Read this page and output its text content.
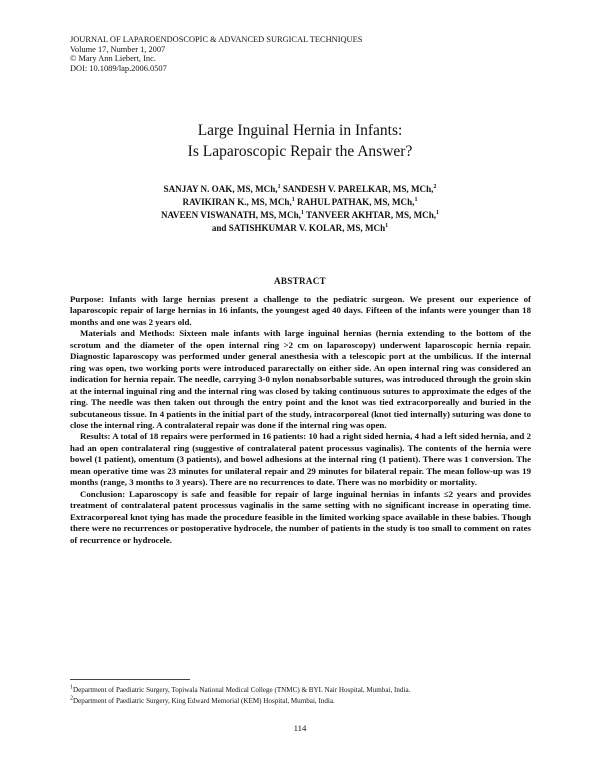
JOURNAL OF LAPAROENDOSCOPIC & ADVANCED SURGICAL TECHNIQUES
Volume 17, Number 1, 2007
© Mary Ann Liebert, Inc.
DOI: 10.1089/lap.2006.0507
Large Inguinal Hernia in Infants:
Is Laparoscopic Repair the Answer?
SANJAY N. OAK, MS, MCh,$^1$ SANDESH V. PARELKAR, MS, MCh,$^2$
RAVIKIRAN K., MS, MCh,$^1$ RAHUL PATHAK, MS, MCh,$^1$
NAVEEN VISWANATH, MS, MCh,$^1$ TANVEER AKHTAR, MS, MCh,$^1$
and SATISHKUMAR V. KOLAR, MS, MCh$^1$
ABSTRACT

Purpose: Infants with large hernias present a challenge to the pediatric surgeon. We present our experience of laparoscopic repair of large hernias in 16 infants, the youngest aged 40 days. Fifteen of the infants were younger than 18 months and one was 2 years old.

Materials and Methods: Sixteen male infants with large inguinal hernias (hernia extending to the bottom of the scrotum and the diameter of the open internal ring >2 cm on laparoscopy) underwent laparoscopic hernia repair. Diagnostic laparoscopy was performed under general anesthesia with a telescopic port at the umbilicus. If the internal ring was open, two working ports were introduced pararectally on either side. An open internal ring was considered an indication for hernia repair. The needle, carrying 3-0 nylon nonabsorbable sutures, was introduced through the groin skin at the internal inguinal ring and the internal ring was closed by taking continuous sutures to approximate the edges of the ring. The needle was then taken out through the entry point and the knot was tied extracorporeally and buried in the subcutaneous tissue. In 4 patients in the initial part of the study, intracorporeal (knot tied internally) suturing was done to close the internal ring. A contralateral repair was done if the internal ring was open.

Results: A total of 18 repairs were performed in 16 patients: 10 had a right sided hernia, 4 had a left sided hernia, and 2 had an open contralateral ring (suggestive of contralateral patent processus vaginalis). The contents of the hernia were bowel (1 patient), omentum (3 patients), and bowel adhesions at the internal ring (1 patient). There was 1 conversion. The mean operative time was 23 minutes for unilateral repair and 29 minutes for bilateral repair. The mean follow-up was 19 months (range, 3 months to 3 years). There are no recurrences to date. There was no morbidity or mortality.

Conclusion: Laparoscopy is safe and feasible for repair of large inguinal hernias in infants ≤2 years and provides treatment of contralateral patent processus vaginalis in the same setting with no significant increase in operating time. Extracorporeal knot tying has made the procedure feasible in the limited working space available in these babies. Though there were no recurrences or postoperative hydrocele, the number of patients in the study is too small to comment on rates of recurrence or hydrocele.

$^1$Department of Paediatric Surgery, Topiwala National Medical College (TNMC) & BYL Nair Hospital, Mumbai, India.
$^2$Department of Paediatric Surgery, King Edward Memorial (KEM) Hospital, Mumbai, India.
114
